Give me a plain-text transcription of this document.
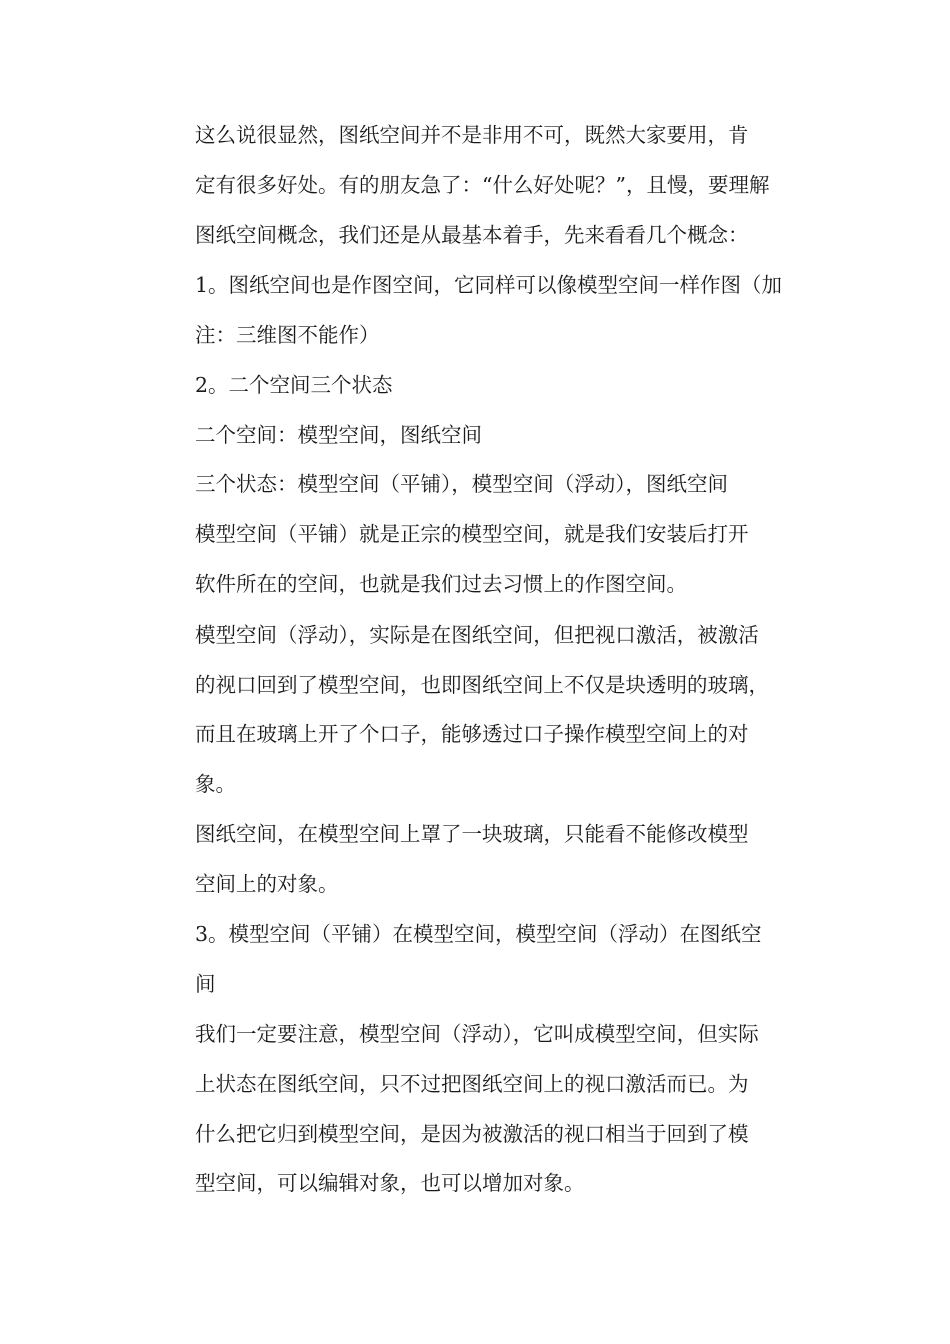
这么说很显然，图纸空间并不是非用不可，既然大家要用，肯
定有很多好处。有的朋友急了：“什么好处呢？”，且慢，要理解
图纸空间概念，我们还是从最基本着手，先来看看几个概念：
1。图纸空间也是作图空间，它同样可以像模型空间一样作图（加
注：三维图不能作）
2。二个空间三个状态
二个空间：模型空间，图纸空间
三个状态：模型空间（平铺），模型空间（浮动），图纸空间
模型空间（平铺）就是正宗的模型空间，就是我们安装后打开
软件所在的空间，也就是我们过去习惯上的作图空间。
模型空间（浮动），实际是在图纸空间，但把视口激活，被激活
的视口回到了模型空间，也即图纸空间上不仅是块透明的玻璃，
而且在玻璃上开了个口子，能够透过口子操作模型空间上的对
象。
图纸空间，在模型空间上罩了一块玻璃，只能看不能修改模型
空间上的对象。
3。模型空间（平铺）在模型空间，模型空间（浮动）在图纸空
间
我们一定要注意，模型空间（浮动），它叫成模型空间，但实际
上状态在图纸空间，只不过把图纸空间上的视口激活而已。为
什么把它归到模型空间，是因为被激活的视口相当于回到了模
型空间，可以编辑对象，也可以增加对象。
